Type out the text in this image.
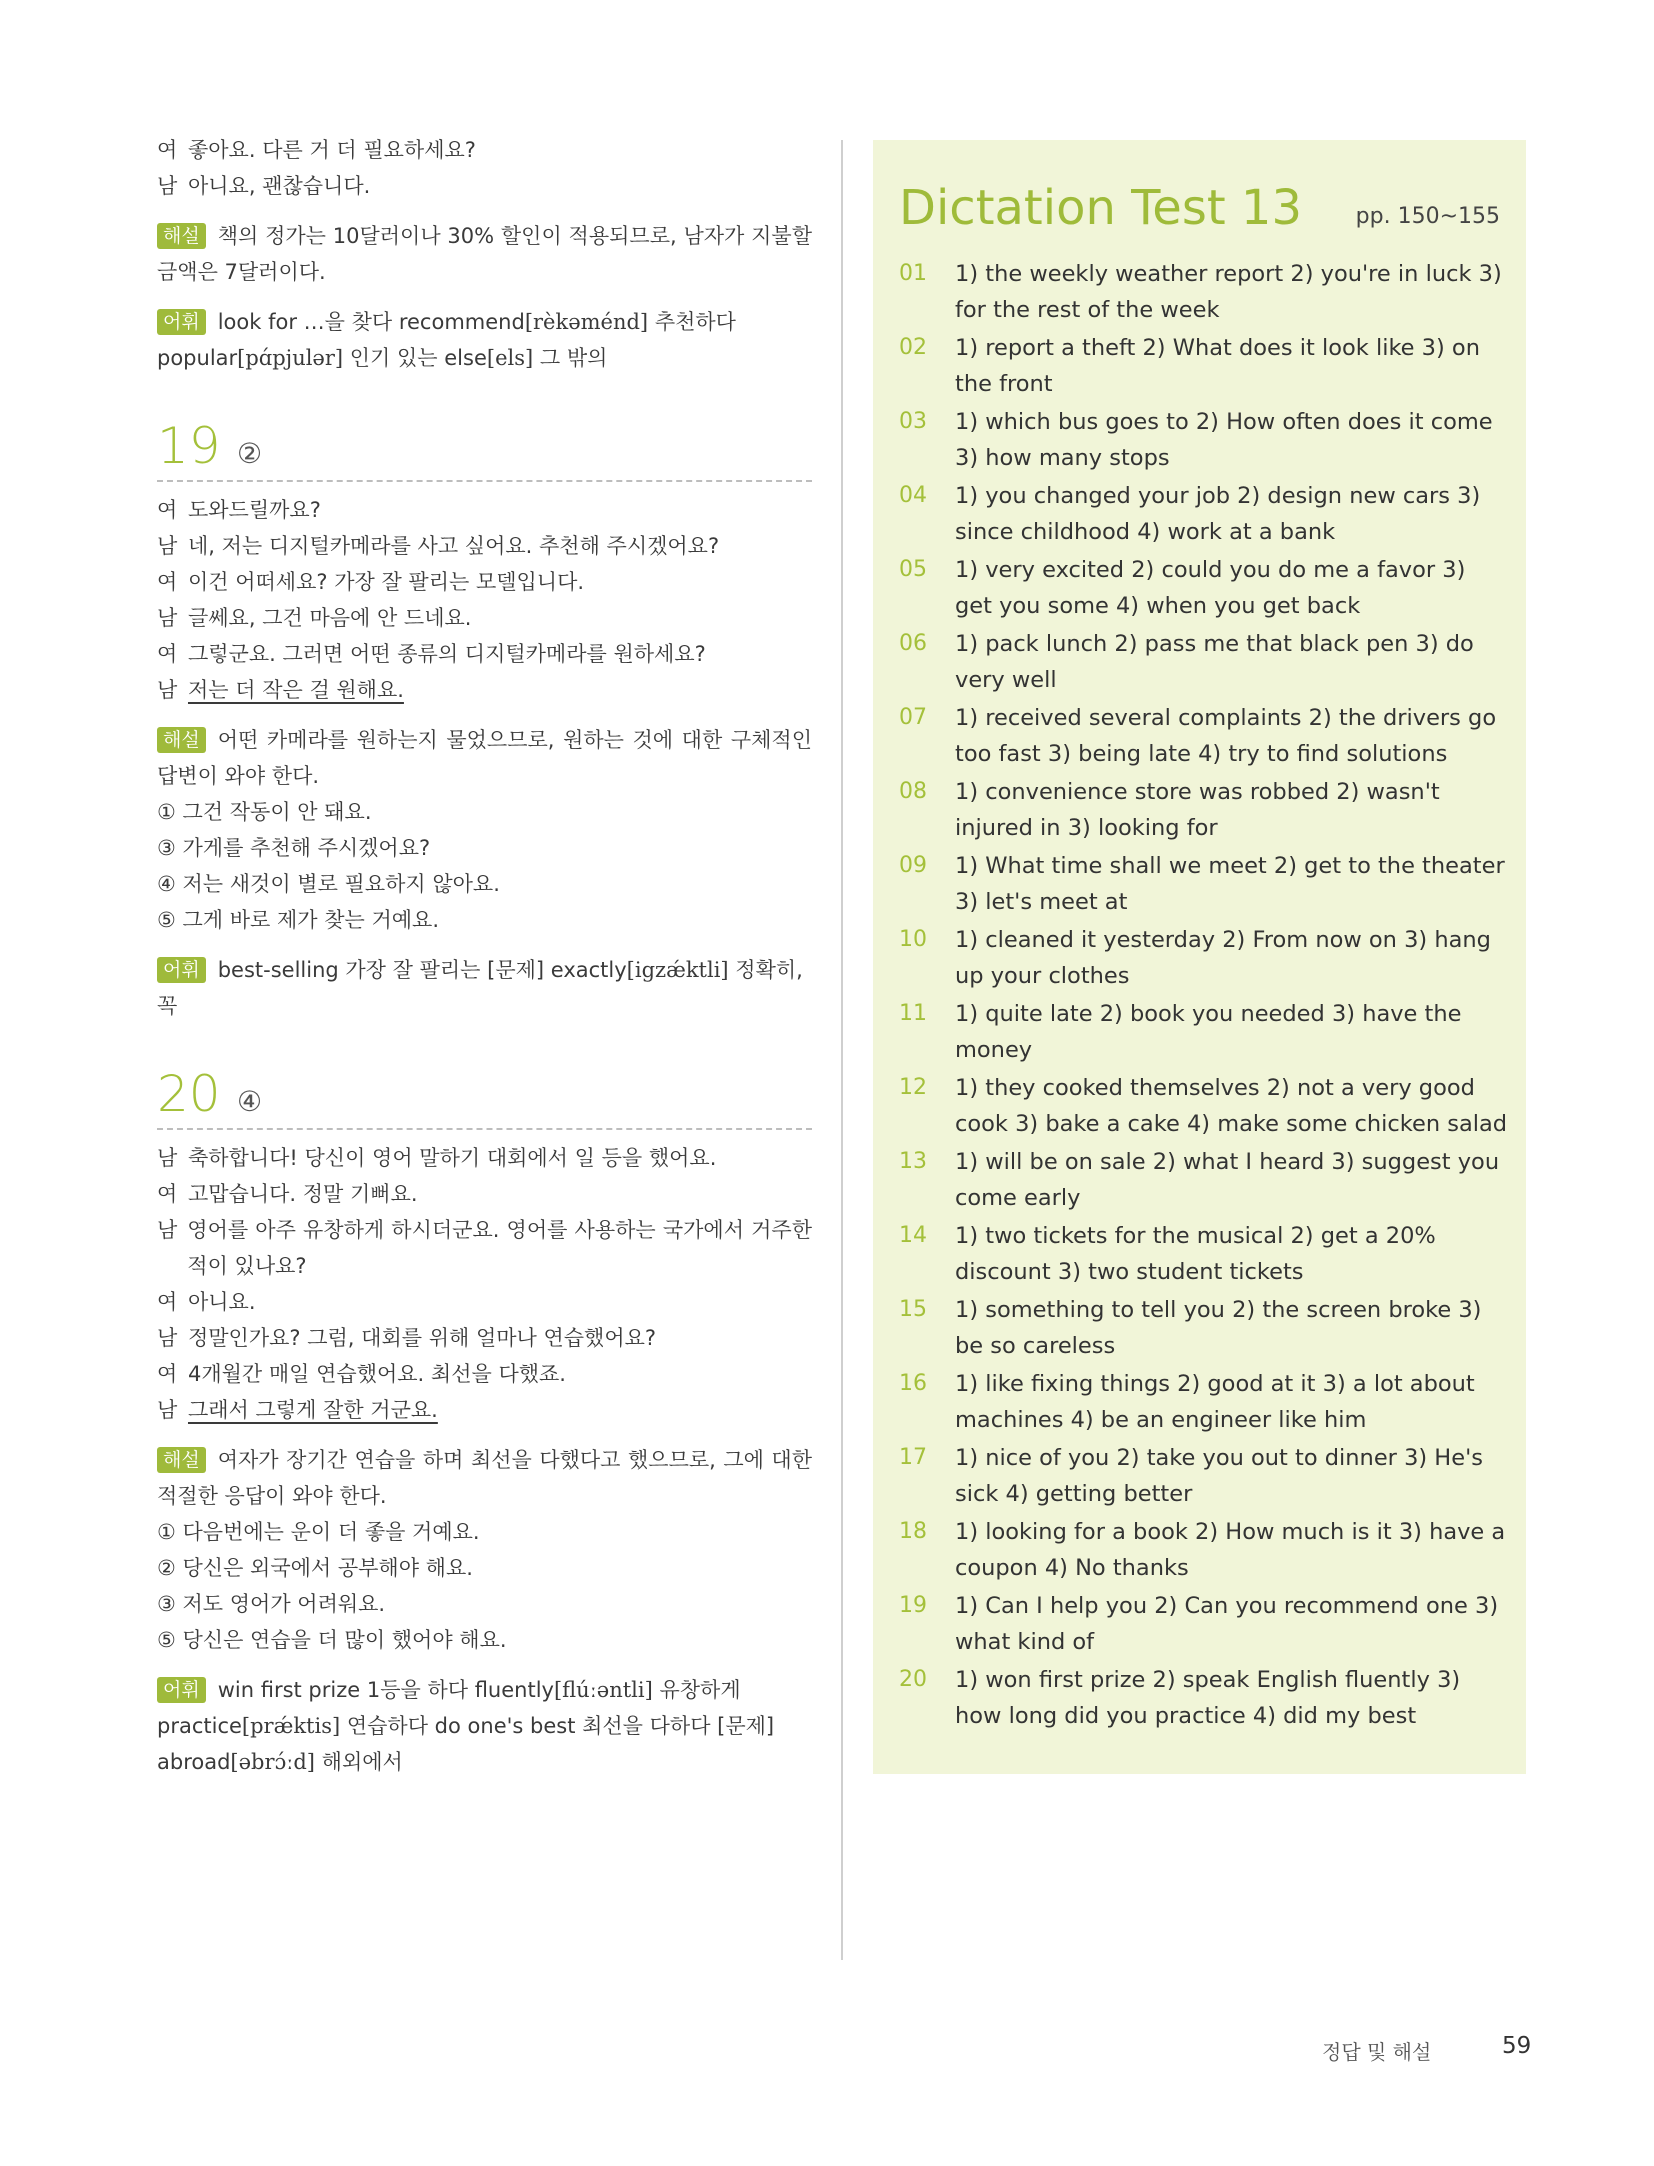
여 좋아요. 다른 거 더 필요하세요?
남 아니요, 괜찮습니다.
해설 책의 정가는 10달러이나 30% 할인이 적용되므로, 남자가 지불할 금액은 7달러이다.
어휘 look for …을 찾다 recommend[rèkəménd] 추천하다 popular[pɑ́pjulər] 인기 있는 else[els] 그 밖의
19 ②
여 도와드릴까요?
남 네, 저는 디지털카메라를 사고 싶어요. 추천해 주시겠어요?
여 이건 어떠세요? 가장 잘 팔리는 모델입니다.
남 글쎄요, 그건 마음에 안 드네요.
여 그렇군요. 그러면 어떤 종류의 디지털카메라를 원하세요?
남 저는 더 작은 걸 원해요.
해설 어떤 카메라를 원하는지 물었으므로, 원하는 것에 대한 구체적인 답변이 와야 한다.
① 그건 작동이 안 돼요.
③ 가게를 추천해 주시겠어요?
④ 저는 새것이 별로 필요하지 않아요.
⑤ 그게 바로 제가 찾는 거예요.
어휘 best-selling 가장 잘 팔리는 [문제] exactly[igzǽktli] 정확히, 꼭
20 ④
남 축하합니다! 당신이 영어 말하기 대회에서 일 등을 했어요.
여 고맙습니다. 정말 기뻐요.
남 영어를 아주 유창하게 하시더군요. 영어를 사용하는 국가에서 거주한 적이 있나요?
여 아니요.
남 정말인가요? 그럼, 대회를 위해 얼마나 연습했어요?
여 4개월간 매일 연습했어요. 최선을 다했죠.
남 그래서 그렇게 잘한 거군요.
해설 여자가 장기간 연습을 하며 최선을 다했다고 했으므로, 그에 대한 적절한 응답이 와야 한다.
① 다음번에는 운이 더 좋을 거예요.
② 당신은 외국에서 공부해야 해요.
③ 저도 영어가 어려워요.
⑤ 당신은 연습을 더 많이 했어야 해요.
어휘 win first prize 1등을 하다 fluently[flúːəntli] 유창하게 practice[prǽktis] 연습하다 do one's best 최선을 다하다 [문제] abroad[əbrɔ́ːd] 해외에서
Dictation Test 13 pp. 150~155
01 1) the weekly weather report 2) you're in luck 3) for the rest of the week
02 1) report a theft 2) What does it look like 3) on the front
03 1) which bus goes to 2) How often does it come 3) how many stops
04 1) you changed your job 2) design new cars 3) since childhood 4) work at a bank
05 1) very excited 2) could you do me a favor 3) get you some 4) when you get back
06 1) pack lunch 2) pass me that black pen 3) do very well
07 1) received several complaints 2) the drivers go too fast 3) being late 4) try to find solutions
08 1) convenience store was robbed 2) wasn't injured in 3) looking for
09 1) What time shall we meet 2) get to the theater 3) let's meet at
10 1) cleaned it yesterday 2) From now on 3) hang up your clothes
11 1) quite late 2) book you needed 3) have the money
12 1) they cooked themselves 2) not a very good cook 3) bake a cake 4) make some chicken salad
13 1) will be on sale 2) what I heard 3) suggest you come early
14 1) two tickets for the musical 2) get a 20% discount 3) two student tickets
15 1) something to tell you 2) the screen broke 3) be so careless
16 1) like fixing things 2) good at it 3) a lot about machines 4) be an engineer like him
17 1) nice of you 2) take you out to dinner 3) He's sick 4) getting better
18 1) looking for a book 2) How much is it 3) have a coupon 4) No thanks
19 1) Can I help you 2) Can you recommend one 3) what kind of
20 1) won first prize 2) speak English fluently 3) how long did you practice 4) did my best
정답 및 해설	59
